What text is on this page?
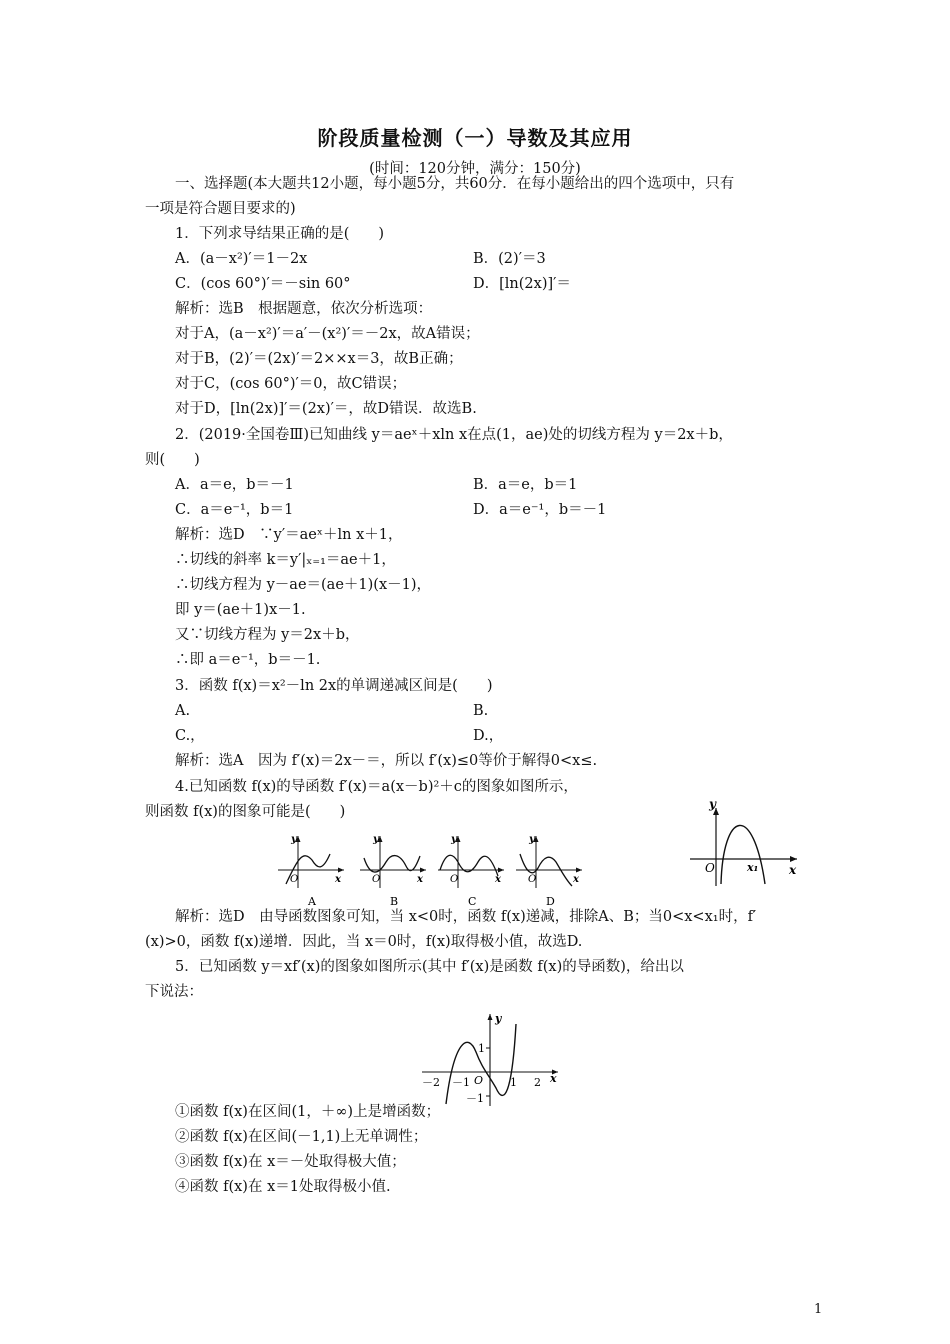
阶段质量检测（一）导数及其应用
(时间：120分钟，满分：150分)
一、选择题(本大题共12小题，每小题5分，共60分．在每小题给出的四个选项中，只有
一项是符合题目要求的)
1．下列求导结果正确的是(　　)
A．(a－x²)′＝1－2x	B．(2)′＝3
C．(cos 60°)′＝－sin 60°	D．[ln(2x)]′＝
解析：选B　根据题意，依次分析选项：
对于A，(a－x²)′＝a′－(x²)′＝－2x，故A错误；
对于B，(2)′＝(2x)′＝2××x＝3，故B正确；
对于C，(cos 60°)′＝0，故C错误；
对于D，[ln(2x)]′＝(2x)′＝，故D错误．故选B.
2．(2019·全国卷Ⅲ)已知曲线 y＝aeˣ＋xln x在点(1，ae)处的切线方程为 y＝2x＋b，
则(　　)
A．a＝e，b＝－1	B．a＝e，b＝1
C．a＝e⁻¹，b＝1	D．a＝e⁻¹，b＝－1
解析：选D　∵y′＝aeˣ＋ln x＋1，
∴切线的斜率 k＝y′|ₓ₌₁＝ae＋1，
∴切线方程为 y－ae＝(ae＋1)(x－1)，
即 y＝(ae＋1)x－1.
又∵切线方程为 y＝2x＋b，
∴即 a＝e⁻¹，b＝－1.
3．函数 f(x)＝x²－ln 2x的单调递减区间是(　　)
A.	B.
C.，	D.，
解析：选A　因为 f′(x)＝2x－＝，所以 f′(x)≤0等价于解得0<x≤.
4.已知函数 f(x)的导函数 f′(x)＝a(x－b)²＋c的图象如图所示，
则函数 f(x)的图象可能是(　　)
解析：选D　由导函数图象可知，当 x<0时，函数 f(x)递减，排除A、B；当0<x<x₁时，f′
(x)>0，函数 f(x)递增．因此，当 x＝0时，f(x)取得极小值，故选D.
5．已知函数 y＝xf′(x)的图象如图所示(其中 f′(x)是函数 f(x)的导函数)，给出以
下说法：
①函数 f(x)在区间(1，＋∞)上是增函数；
②函数 f(x)在区间(－1,1)上无单调性；
③函数 f(x)在 x＝－处取得极大值；
④函数 f(x)在 x＝1处取得极小值.
y
x
O	x₁
y
x
O
A
y
x
O
B
y
x
O
C
y
x
O
D
y
x
O
－2 －1	1 2
1
－1
1
